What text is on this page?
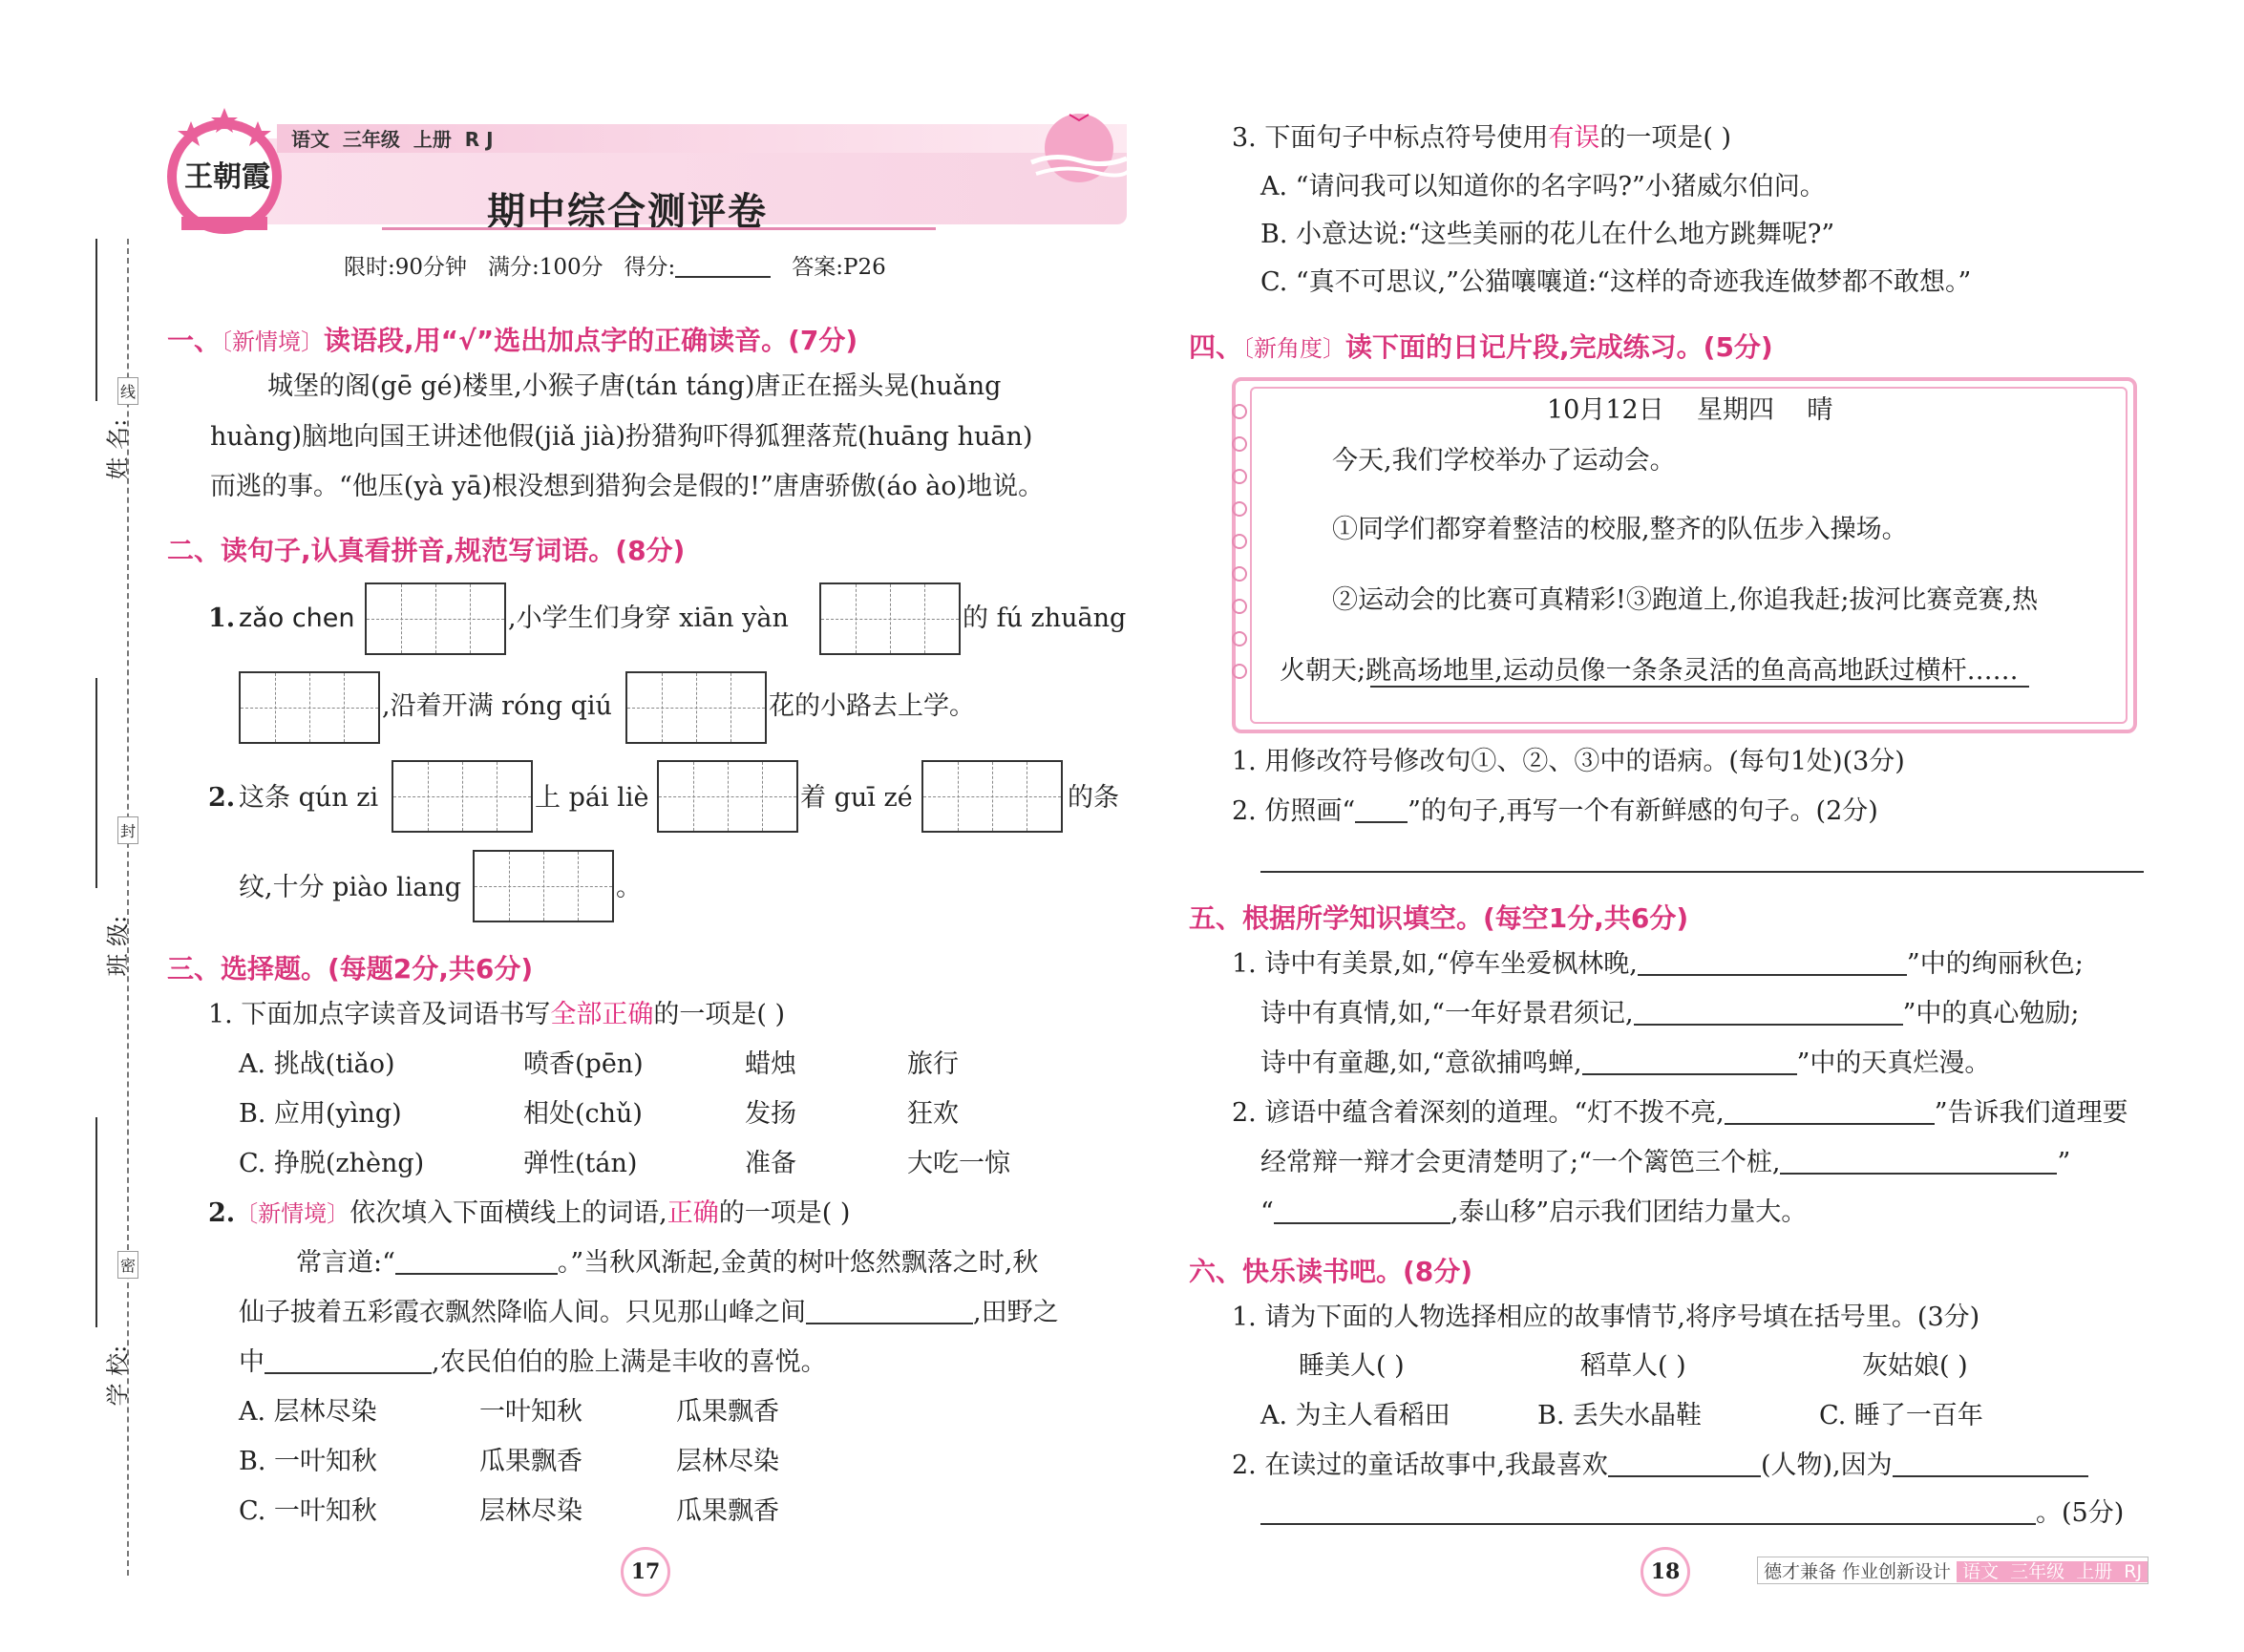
线
封
密
姓 名:
班 级:
学 校:
王朝霞
语文  三年级  上册  R J
期中综合测评卷
限时:90分钟 满分:100分 得分:	答案:P26
一、〔新情境〕读语段,用“√”选出加点字的正确读音。(7分)
城堡的阁(gē gé)楼里,小猴子唐(tán táng)唐正在摇头晃(huǎng
huàng)脑地向国王讲述他假(jiǎ jià)扮猎狗吓得狐狸落荒(huāng huān)
而逃的事。“他压(yà yā)根没想到猎狗会是假的!”唐唐骄傲(áo ào)地说。
二、读句子,认真看拼音,规范写词语。(8分)
1. zǎo chen	,小学生们身穿 xiān yàn	的 fú zhuāng
,沿着开满 róng qiú	花的小路去上学。
2. 这条 qún zi	上 pái liè	着 guī zé	的条
纹,十分 piào liang	。
三、选择题。(每题2分,共6分)
1. 下面加点字读音及词语书写全部正确的一项是( )
A. 挑战(tiǎo)	喷香(pēn)	蜡烛	旅行
B. 应用(yìng)	相处(chǔ)	发扬	狂欢
C. 挣脱(zhèng)	弹性(tán)	准备	大吃一惊
2.〔新情境〕依次填入下面横线上的词语,正确的一项是( )
常言道:“	。”当秋风渐起,金黄的树叶悠然飘落之时,秋
仙子披着五彩霞衣飘然降临人间。只见那山峰之间	,田野之
中	,农民伯伯的脸上满是丰收的喜悦。
A. 层林尽染	一叶知秋	瓜果飘香
B. 一叶知秋	瓜果飘香	层林尽染
C. 一叶知秋	层林尽染	瓜果飘香
17
3. 下面句子中标点符号使用有误的一项是( )
A. “请问我可以知道你的名字吗?”小猪威尔伯问。
B. 小意达说:“这些美丽的花儿在什么地方跳舞呢?”
C. “真不可思议,”公猫嚷嚷道:“这样的奇迹我连做梦都不敢想。”
四、〔新角度〕读下面的日记片段,完成练习。(5分)
10月12日    星期四    晴
今天,我们学校举办了运动会。
①同学们都穿着整洁的校服,整齐的队伍步入操场。
②运动会的比赛可真精彩!③跑道上,你追我赶;拔河比赛竞赛,热
火朝天;跳高场地里,运动员像一条条灵活的鱼高高地跃过横杆……
1. 用修改符号修改句①、②、③中的语病。(每句1处)(3分)
2. 仿照画“ ”的句子,再写一个有新鲜感的句子。(2分)
五、根据所学知识填空。(每空1分,共6分)
1. 诗中有美景,如,“停车坐爱枫林晚,	”中的绚丽秋色;
诗中有真情,如,“一年好景君须记,	”中的真心勉励;
诗中有童趣,如,“意欲捕鸣蝉,	”中的天真烂漫。
2. 谚语中蕴含着深刻的道理。“灯不拨不亮,	”告诉我们道理要
经常辩一辩才会更清楚明了;“一个篱笆三个桩,	”
“	,泰山移”启示我们团结力量大。
六、快乐读书吧。(8分)
1. 请为下面的人物选择相应的故事情节,将序号填在括号里。(3分)
睡美人( )	稻草人( )	灰姑娘( )
A. 为主人看稻田	B. 丢失水晶鞋	C. 睡了一百年
2. 在读过的童话故事中,我最喜欢	(人物),因为
。(5分)
18	德才兼备 作业创新设计 语文  三年级  上册  RJ
